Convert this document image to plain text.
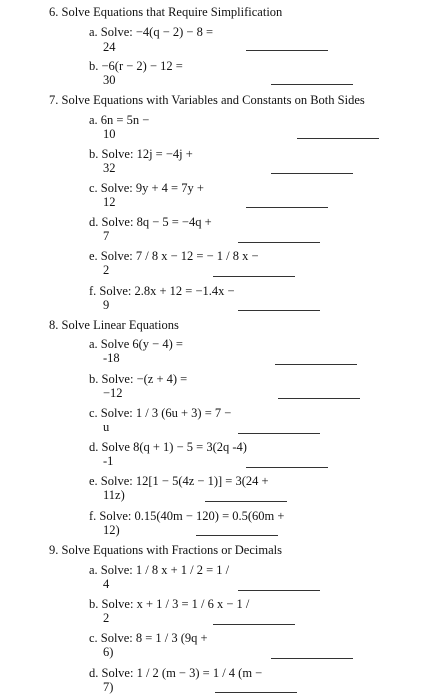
6. Solve Equations that Require Simplification
a. Solve: −4(q − 2) − 8 =
24
b. −6(r − 2) − 12 =
30
7. Solve Equations with Variables and Constants on Both Sides
a. 6n = 5n −
10
b. Solve: 12j = −4j +
32
c. Solve: 9y + 4 = 7y +
12
d. Solve: 8q − 5 = −4q +
7
e. Solve: 7 / 8 x − 12 = − 1 / 8 x −
2
f. Solve: 2.8x + 12 = −1.4x −
9
8. Solve Linear Equations
a. Solve 6(y − 4) =
-18
b. Solve: −(z + 4) =
−12
c. Solve: 1 / 3 (6u + 3) = 7 −
u
d. Solve 8(q + 1) − 5 = 3(2q -4)
-1
e. Solve: 12[1 − 5(4z − 1)] = 3(24 +
11z)
f. Solve: 0.15(40m − 120) = 0.5(60m +
12)
9. Solve Equations with Fractions or Decimals
a. Solve: 1 / 8 x + 1 / 2 = 1 /
4
b. Solve: x + 1 / 3 = 1 / 6 x − 1 /
2
c. Solve: 8 = 1 / 3 (9q +
6)
d. Solve: 1 / 2 (m − 3) = 1 / 4 (m −
7)
